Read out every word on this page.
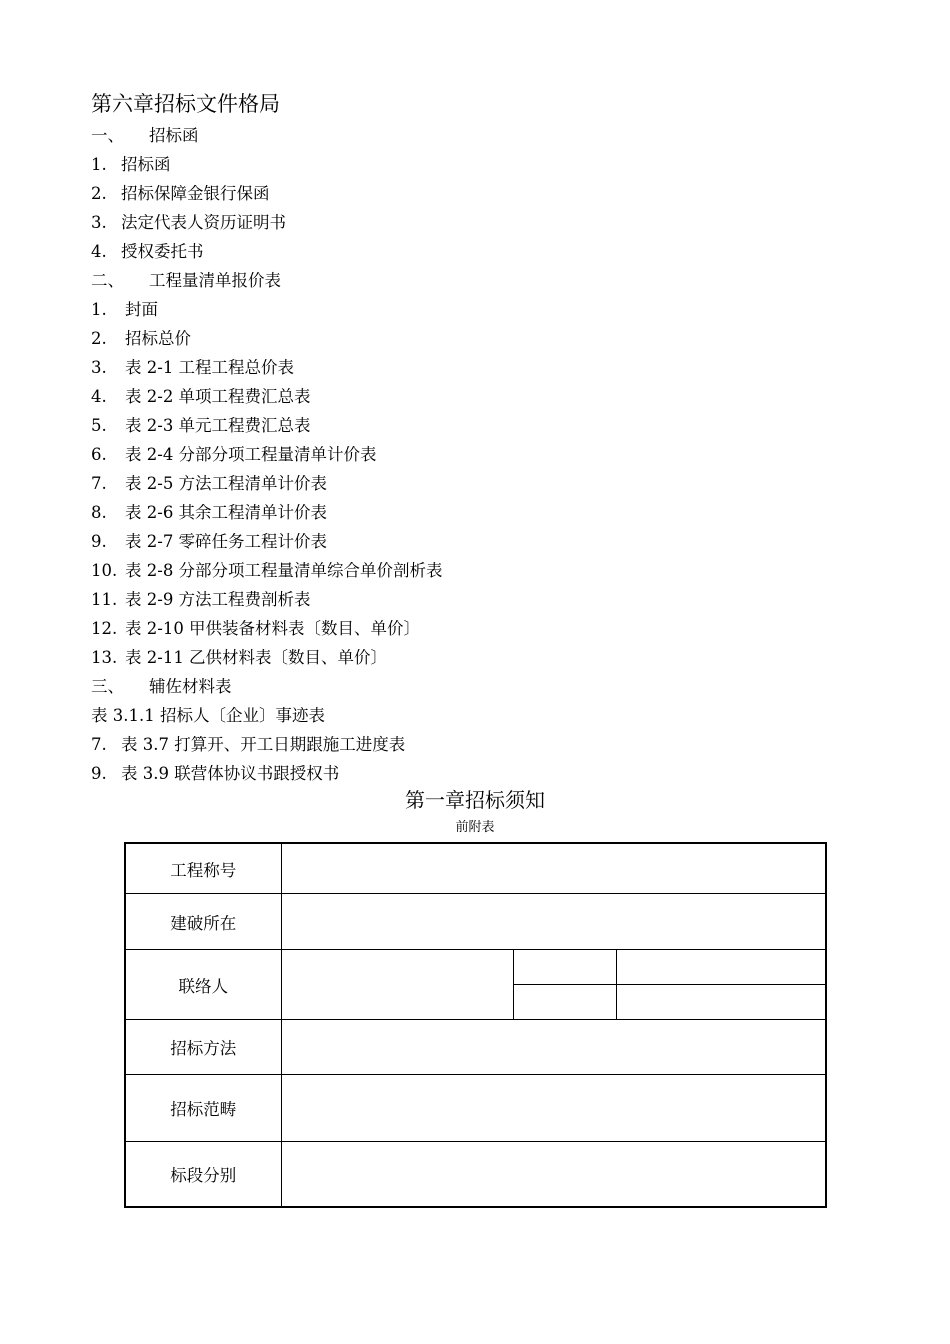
第六章招标文件格局
一、 招标函
1. 招标函
2. 招标保障金银行保函
3. 法定代表人资历证明书
4. 授权委托书
二、 工程量清单报价表
1. 封面
2. 招标总价
3. 表 2-1 工程工程总价表
4. 表 2-2 单项工程费汇总表
5. 表 2-3 单元工程费汇总表
6. 表 2-4 分部分项工程量清单计价表
7. 表 2-5 方法工程清单计价表
8. 表 2-6 其余工程清单计价表
9. 表 2-7 零碎任务工程计价表
10. 表 2-8 分部分项工程量清单综合单价剖析表
11. 表 2-9 方法工程费剖析表
12. 表 2-10 甲供装备材料表〔数目、单价〕
13. 表 2-11 乙供材料表〔数目、单价〕
三、 辅佐材料表
表 3.1.1 招标人〔企业〕事迹表
7. 表 3.7 打算开、开工日期跟施工进度表
9. 表 3.9 联营体协议书跟授权书
第一章招标须知
前附表
工程称号			
建破所在			
联络人			

招标方法			
招标范畴			
标段分别			
